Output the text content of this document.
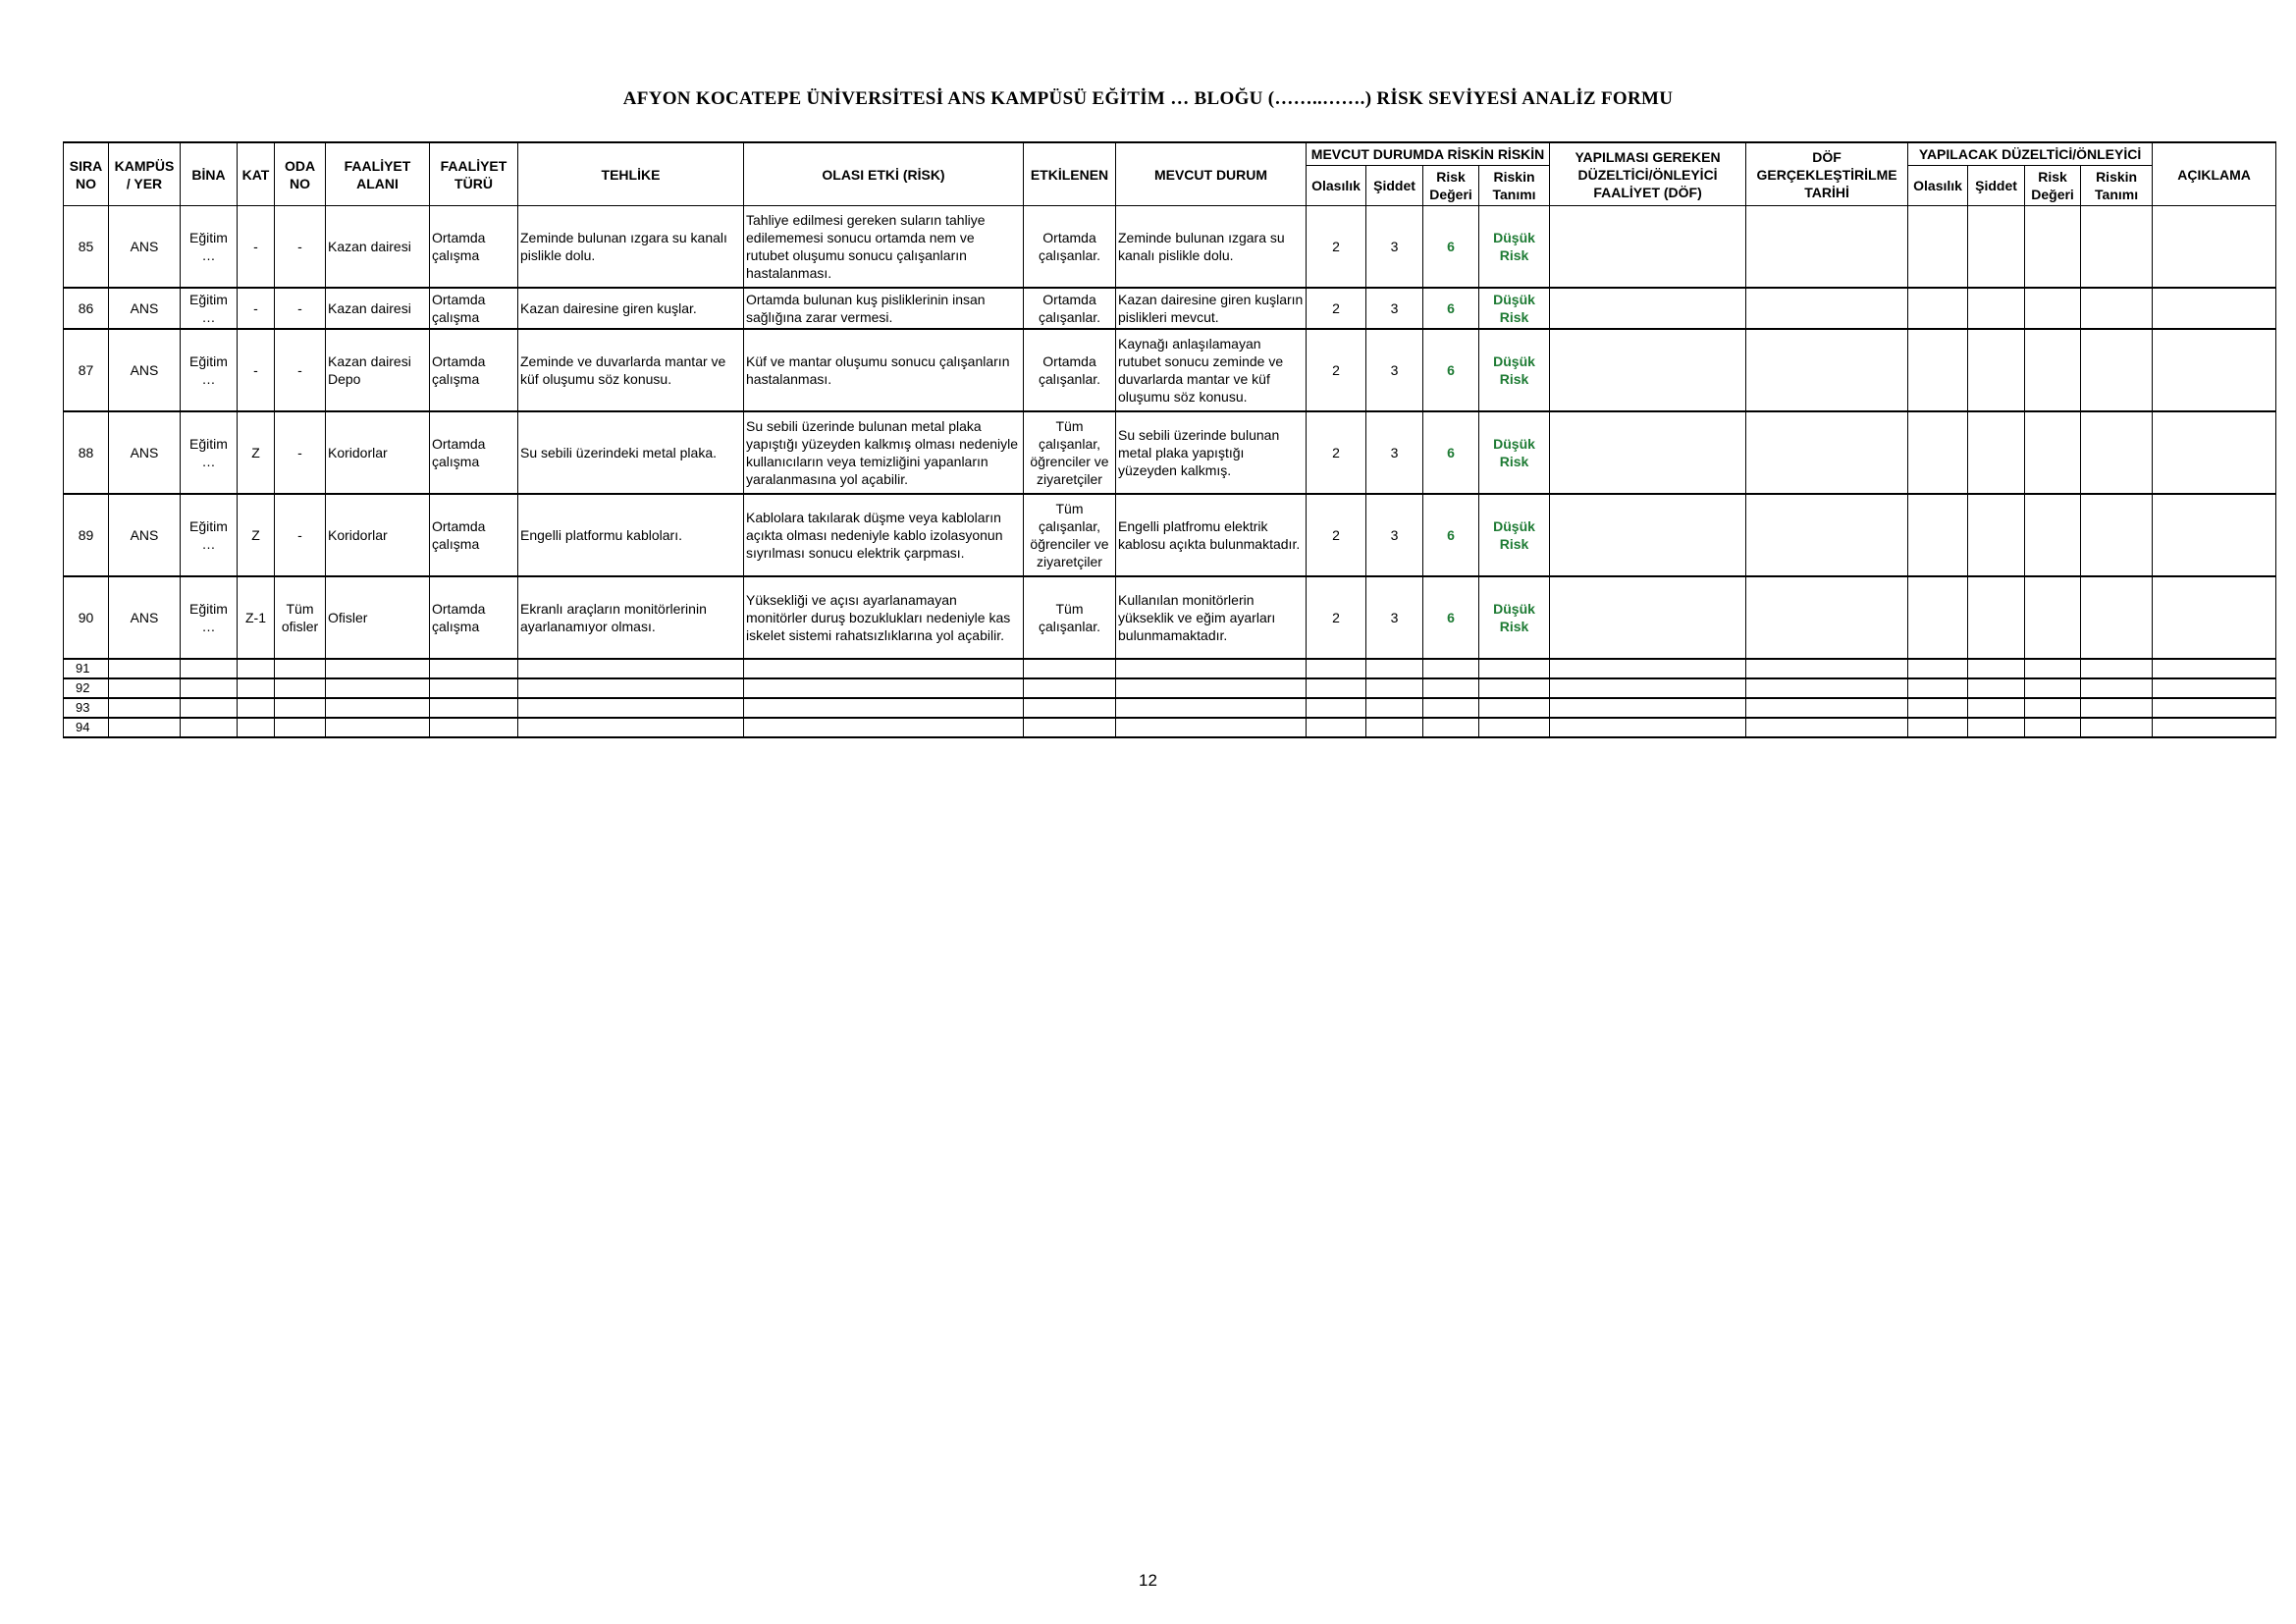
AFYON KOCATEPE ÜNİVERSİTESİ ANS KAMPÜSÜ EĞİTİM … BLOĞU (……..…….) RİSK SEVİYESİ ANALİZ FORMU
SIRA NO	KAMPÜS / YER	BİNA	KAT	ODA NO	FAALİYET ALANI	FAALİYET TÜRÜ	TEHLİKE	OLASI ETKİ (RİSK)	ETKİLENEN	MEVCUT DURUM	MEVCUT DURUMDA RİSKİN RİSKİN				YAPILMASI GEREKEN DÜZELTİCİ/ÖNLEYİCİ FAALİYET (DÖF)	DÖF GERÇEKLEŞTİRİLME TARİHİ	YAPILACAK DÜZELTİCİ/ÖNLEYİCİ				AÇIKLAMA
											Olasılık	Şiddet	Risk Değeri	Riskin Tanımı			Olasılık	Şiddet	Risk Değeri	Riskin Tanımı	
85	ANS	Eğitim …	-	-	Kazan dairesi	Ortamda çalışma	Zeminde bulunan ızgara su kanalı pislikle dolu.	Tahliye edilmesi gereken suların tahliye edilememesi sonucu ortamda nem ve rutubet oluşumu sonucu çalışanların hastalanması.	Ortamda çalışanlar.	Zeminde bulunan ızgara su kanalı pislikle dolu.	2	3	6	Düşük Risk							
86	ANS	Eğitim …	-	-	Kazan dairesi	Ortamda çalışma	Kazan dairesine giren kuşlar.	Ortamda bulunan kuş pisliklerinin insan sağlığına zarar vermesi.	Ortamda çalışanlar.	Kazan dairesine giren kuşların pislikleri mevcut.	2	3	6	Düşük Risk							
87	ANS	Eğitim …	-	-	Kazan dairesi Depo	Ortamda çalışma	Zeminde ve duvarlarda mantar ve küf oluşumu söz konusu.	Küf ve mantar oluşumu sonucu çalışanların hastalanması.	Ortamda çalışanlar.	Kaynağı anlaşılamayan rutubet sonucu zeminde ve duvarlarda mantar ve küf oluşumu söz konusu.	2	3	6	Düşük Risk							
88	ANS	Eğitim …	Z	-	Koridorlar	Ortamda çalışma	Su sebili üzerindeki metal plaka.	Su sebili üzerinde bulunan metal plaka yapıştığı yüzeyden kalkmış olması nedeniyle kullanıcıların veya temizliğini yapanların yaralanmasına yol açabilir.	Tüm çalışanlar, öğrenciler ve ziyaretçiler	Su sebili üzerinde bulunan metal plaka yapıştığı yüzeyden kalkmış.	2	3	6	Düşük Risk							
89	ANS	Eğitim …	Z	-	Koridorlar	Ortamda çalışma	Engelli platformu kabloları.	Kablolara takılarak düşme veya kabloların açıkta olması nedeniyle kablo izolasyonun sıyrılması sonucu elektrik çarpması.	Tüm çalışanlar, öğrenciler ve ziyaretçiler	Engelli platfromu elektrik kablosu açıkta bulunmaktadır.	2	3	6	Düşük Risk							
90	ANS	Eğitim …	Z-1	Tüm ofisler	Ofisler	Ortamda çalışma	Ekranlı araçların monitörlerinin ayarlanamıyor olması.	Yüksekliği ve açısı ayarlanamayan monitörler duruş bozuklukları nedeniyle kas iskelet sistemi rahatsızlıklarına yol açabilir.	Tüm çalışanlar.	Kullanılan monitörlerin yükseklik ve eğim ayarları bulunmamaktadır.	2	3	6	Düşük Risk							
91																					
92																					
93																					
94																					
12
